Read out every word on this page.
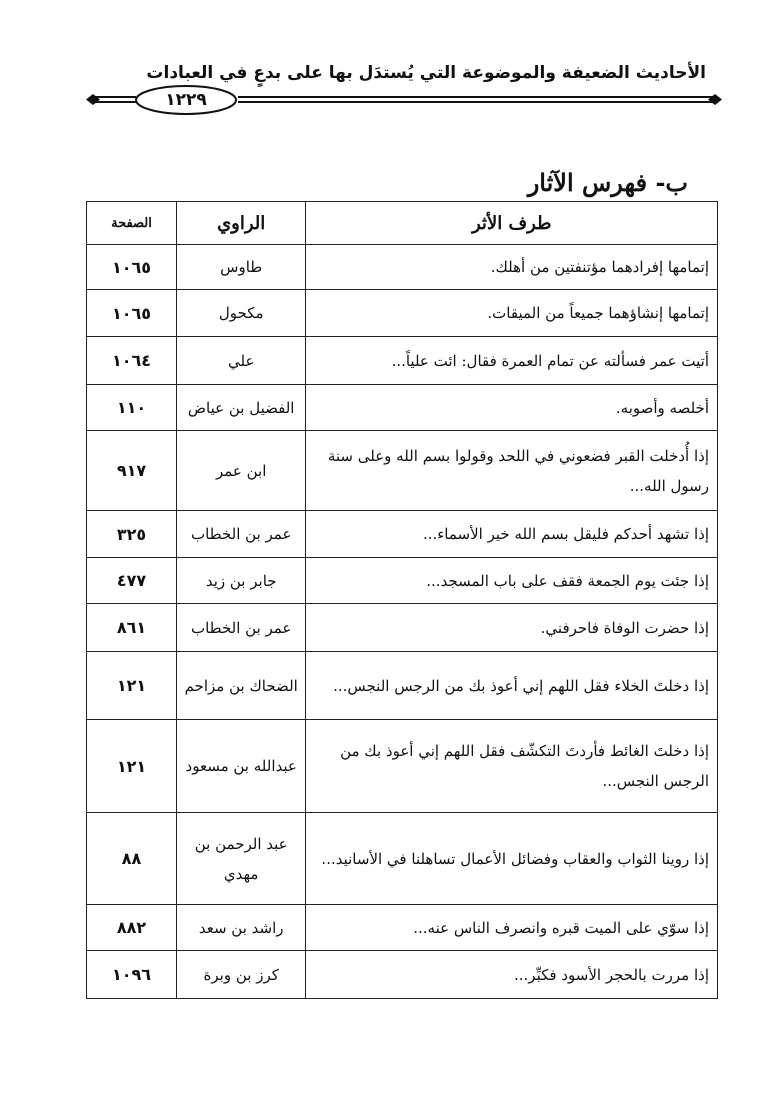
الأحاديث الضعيفة والموضوعة التي يُستدَل بها على بدعٍ في العبادات
١٢٢٩
ب- فهرس الآثار
طرف الأثر	الراوي	الصفحة
إتمامها إفرادهما مؤتنفتين من أهلك.	طاوس	١٠٦٥
إتمامها إنشاؤهما جميعاً من الميقات.	مكحول	١٠٦٥
أتيت عمر فسألته عن تمام العمرة فقال: ائت علياً...	علي	١٠٦٤
أخلصه وأصوبه.	الفضيل بن عياض	١١٠
إذا أُدخلت القبر فضعوني في اللحد وقولوا بسم الله وعلى سنة رسول الله...	ابن عمر	٩١٧
إذا تشهد أحدكم فليقل بسم الله خير الأسماء...	عمر بن الخطاب	٣٢٥
إذا جئت يوم الجمعة فقف على باب المسجد...	جابر بن زيد	٤٧٧
إذا حضرت الوفاة فاحرفني.	عمر بن الخطاب	٨٦١
إذا دخلتَ الخلاء فقل اللهم إني أعوذ بك من الرجس النجس...	الضحاك بن مزاحم	١٢١
إذا دخلتَ الغائط فأردتَ التكشّف فقل اللهم إني أعوذ بك من الرجس النجس...	عبدالله بن مسعود	١٢١
إذا روينا الثواب والعقاب وفضائل الأعمال تساهلنا في الأسانيد...	عبد الرحمن بن مهدي	٨٨
إذا سوّي على الميت قبره وانصرف الناس عنه...	راشد بن سعد	٨٨٢
إذا مررت بالحجر الأسود فكبِّر...	كرز بن وبرة	١٠٩٦
